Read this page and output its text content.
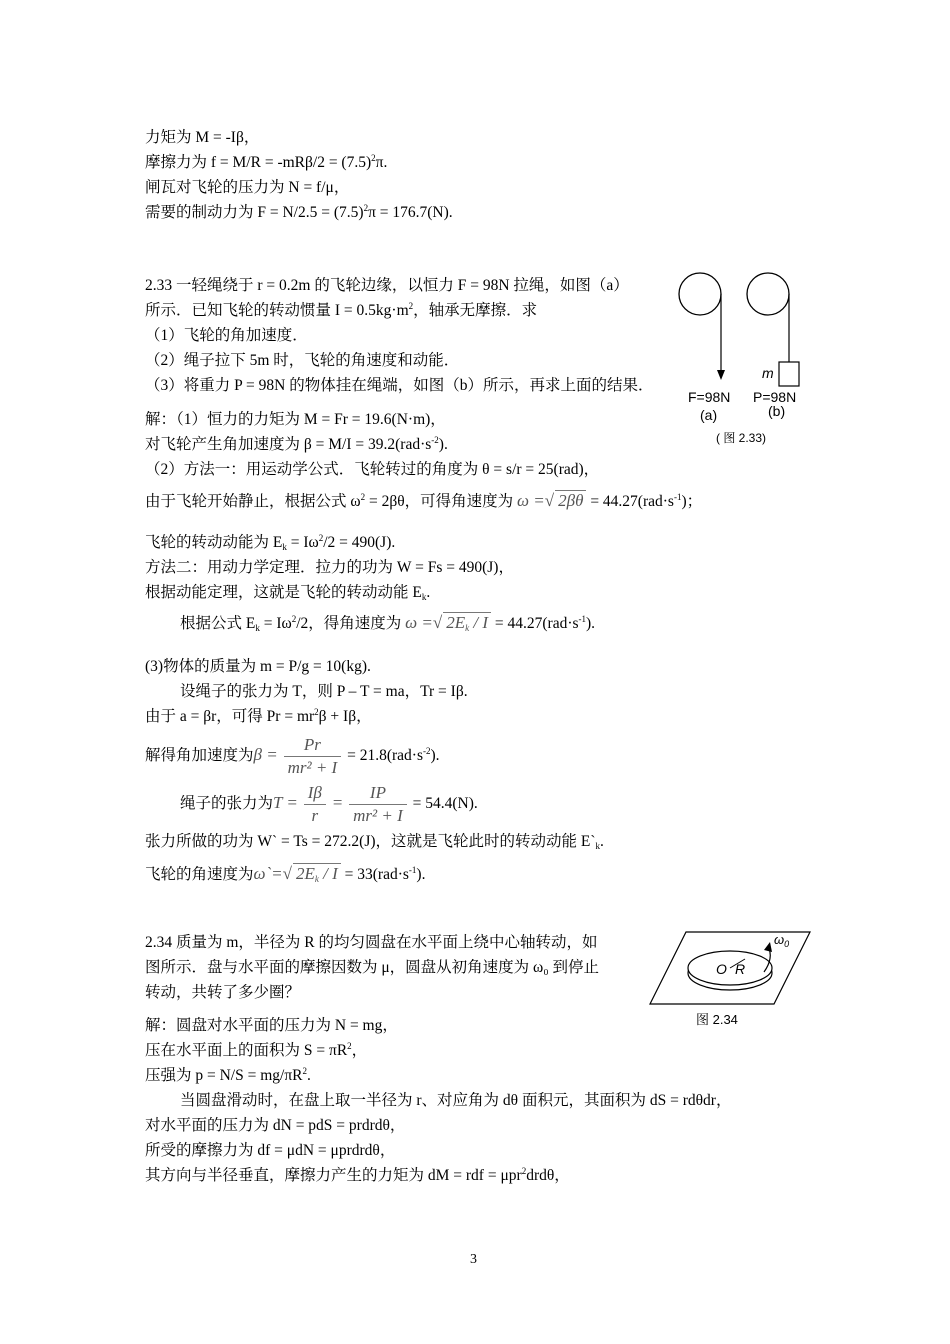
力矩为 M = -Iβ，
摩擦力为 $f = M/R = -mR\beta/2 = (7.5)^2\pi$.
闸瓦对飞轮的压力为 N = f/μ，
需要的制动力为 $F = N/2.5 = (7.5)^2\pi = 176.7(N)$.
2.33 一轻绳绕于 r = 0.2m 的飞轮边缘，以恒力 F = 98N 拉绳，如图（a）
所示．已知飞轮的转动惯量 $I = 0.5kg\cdot m^2$，轴承无摩擦．求
（1）飞轮的角加速度．
（2）绳子拉下 5m 时，飞轮的角速度和动能．
（3）将重力 P = 98N 的物体挂在绳端，如图（b）所示，再求上面的结果．
解：（1）恒力的力矩为 M = Fr = 19.6(N·m)，
对飞轮产生角加速度为 $\beta = M/I = 39.2(rad\cdot s^{-2})$.
（2）方法一：用运动学公式．飞轮转过的角度为 θ = s/r = 25(rad)，
由于飞轮开始静止，根据公式 $\omega^2 = 2\beta\theta$，可得角速度为 ω =√ $2\beta\theta = 44.27(rad\cdot s^{-1})$；
飞轮的转动动能为 $E_k = I\omega^2/2 = 490(J)$.
方法二：用动力学定理．拉力的功为 W = Fs = 490(J)，
根据动能定理，这就是飞轮的转动动能 $E_k$.
根据公式 $E_k = I\omega^2/2$，得角速度为 ω =√ $2E_k / I = 44.27(rad\cdot s^{-1})$.
(3)物体的质量为 m = P/g = 10(kg).
设绳子的张力为 T，则 P – T = ma，Tr = Iβ.
由于 a = βr，可得 $Pr = mr^2\beta + I\beta$，
解得角加速度为$\beta = \frac{Pr}{\text{mr² + I}} = 21.8(rad\cdot s^{-2})$.
绳子的张力为$T = \frac{I\beta}{r} = \frac{IP}{\text{mr² + I}} = 54.4(N)$.
张力所做的功为 W` = Ts = 272.2(J)，这就是飞轮此时的转动动能 $E`_k$.
飞轮的角速度为ω`=√ $2E_k / I = 33(rad\cdot s^{-1})$.
m
F=98N P=98N
(a)	(b)
( 图 2.33)
2.34 质量为 m，半径为 R 的均匀圆盘在水平面上绕中心轴转动，如
图所示．盘与水平面的摩擦因数为 μ，圆盘从初角速度为 ω₀ 到停止
转动，共转了多少圈？
解：圆盘对水平面的压力为 N = mg，
压在水平面上的面积为 $S = \pi R^2$，
压强为 $p = N/S = mg/\pi R^2$.
当圆盘滑动时，在盘上取一半径为 r、对应角为 dθ 面积元，其面积为 dS = rdθdr，
对水平面的压力为 dN = pdS = prdrdθ，
所受的摩擦力为 df = μdN = μprdrdθ，
其方向与半径垂直，摩擦力产生的力矩为 dM = rdf = μpr$^2$drdθ，
O R
$\omega_0$
图 2.34
3
